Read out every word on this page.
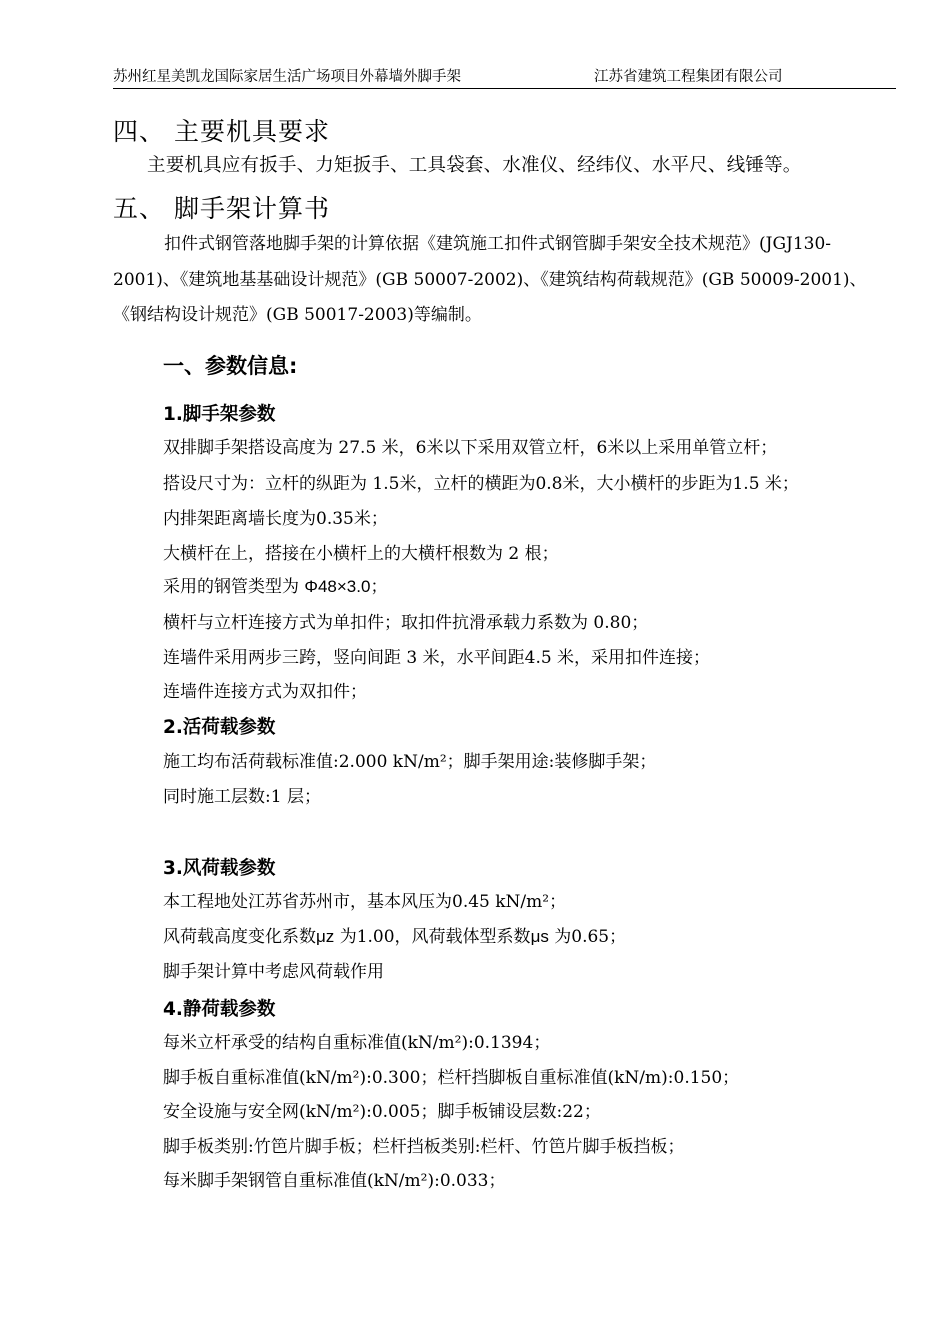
苏州红星美凯龙国际家居生活广场项目外幕墙外脚手架	江苏省建筑工程集团有限公司
四、 主要机具要求
主要机具应有扳手、力矩扳手、工具袋套、水准仪、经纬仪、水平尺、线锤等。
五、 脚手架计算书
扣件式钢管落地脚手架的计算依据《建筑施工扣件式钢管脚手架安全技术规范》(JGJ130-
2001)、《建筑地基基础设计规范》(GB 50007-2002)、《建筑结构荷载规范》(GB 50009-2001)、
《钢结构设计规范》(GB 50017-2003)等编制。
一、参数信息:
1.脚手架参数
双排脚手架搭设高度为 27.5 米，6米以下采用双管立杆，6米以上采用单管立杆；
搭设尺寸为：立杆的纵距为 1.5米，立杆的横距为0.8米，大小横杆的步距为1.5 米；
内排架距离墙长度为0.35米；
大横杆在上，搭接在小横杆上的大横杆根数为 2 根；
采用的钢管类型为 Φ48×3.0；
横杆与立杆连接方式为单扣件；取扣件抗滑承载力系数为 0.80；
连墙件采用两步三跨，竖向间距 3 米，水平间距4.5 米，采用扣件连接；
连墙件连接方式为双扣件；
2.活荷载参数
施工均布活荷载标准值:2.000 kN/m²；脚手架用途:装修脚手架；
同时施工层数:1 层；
3.风荷载参数
本工程地处江苏省苏州市，基本风压为0.45 kN/m²；
风荷载高度变化系数μz 为1.00，风荷载体型系数μs 为0.65；
脚手架计算中考虑风荷载作用
4.静荷载参数
每米立杆承受的结构自重标准值(kN/m²):0.1394；
脚手板自重标准值(kN/m²):0.300；栏杆挡脚板自重标准值(kN/m):0.150；
安全设施与安全网(kN/m²):0.005；脚手板铺设层数:22；
脚手板类别:竹笆片脚手板；栏杆挡板类别:栏杆、竹笆片脚手板挡板；
每米脚手架钢管自重标准值(kN/m²):0.033；
